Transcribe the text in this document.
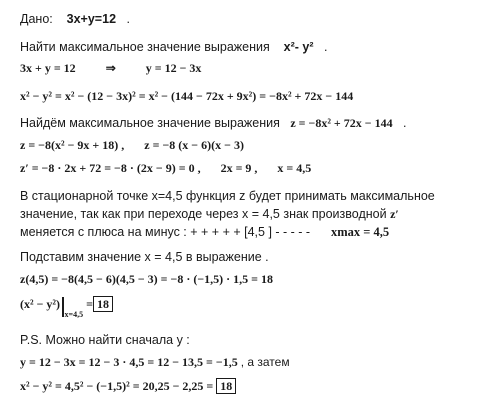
Дано: 3x+y=12 .
Найти максимальное значение выражения x²- y² .
3x + y = 12	⇒	y = 12 − 3x
x² − y² = x² − (12 − 3x)² = x² − (144 − 72x + 9x²) = −8x² + 72x − 144
Найдём максимальное значение выражения z = −8x² + 72x − 144 .
z = −8(x² − 9x + 18) , z = −8 (x − 6)(x − 3)
z′ = −8 · 2x + 72 = −8 · (2x − 9) = 0 , 2x = 9 , x = 4,5
В стационарной точке x=4,5 функция z будет принимать максимальное
значение, так как при переходе через x = 4,5 знак производной z′
меняется с плюса на минус : + + + + + [4,5 ] - - - - - xmax = 4,5
Подставим значение x = 4,5 в выражение .
z(4,5) = −8(4,5 − 6)(4,5 − 3) = −8 · (−1,5) · 1,5 = 18
$(x^2 - y^2)_{x=4,5} = 18$
P.S. Можно найти сначала y :
y = 12 − 3x = 12 − 3 · 4,5 = 12 − 13,5 = −1,5 , а затем
x² − y² = 4,5² − (−1,5)² = 20,25 − 2,25 = 18
